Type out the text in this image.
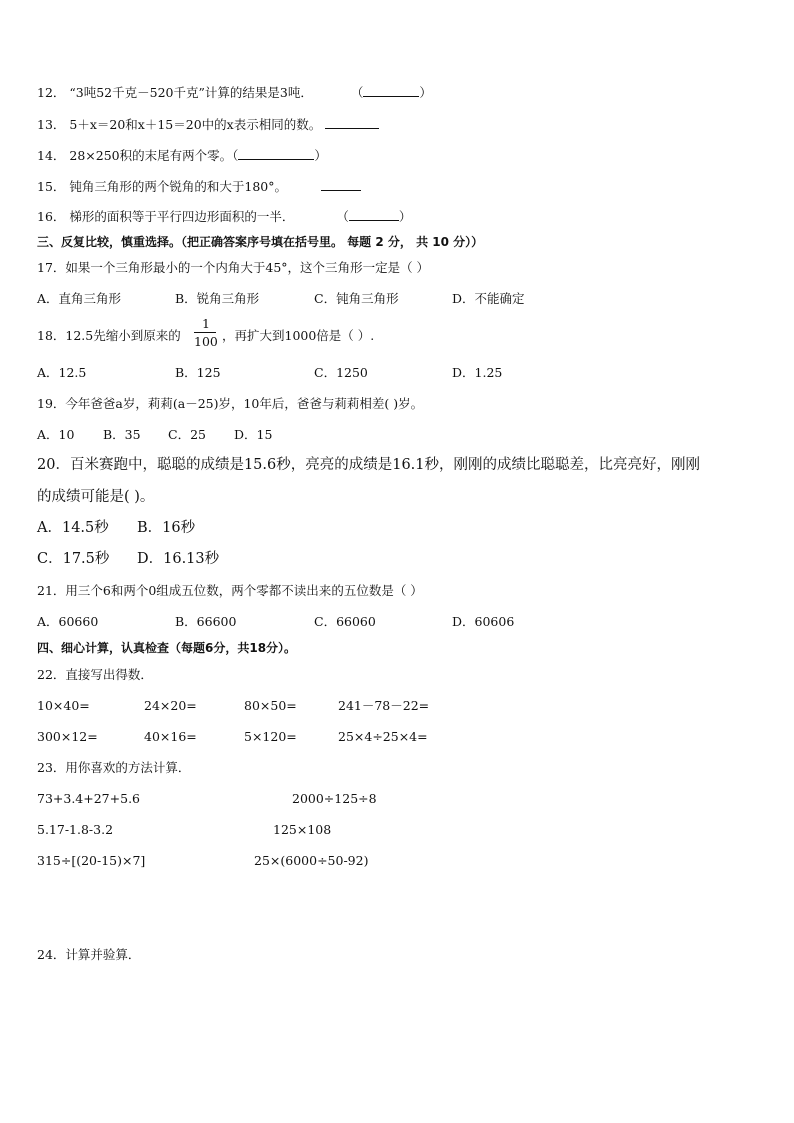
12． “3吨52千克－520千克”计算的结果是3吨．	（	）
13． 5＋x＝20和x＋15＝20中的x表示相同的数。
14． 28×250积的末尾有两个零。（	）
15． 钝角三角形的两个锐角的和大于180°。
16． 梯形的面积等于平行四边形面积的一半．	（	）
三、反复比较，慎重选择。（把正确答案序号填在括号里。 每题 2 分， 共 10 分））
17．如果一个三角形最小的一个内角大于45°，这个三角形一定是（ ）
A．直角三角形	B．锐角三角形	C．钝角三角形	D．不能确定
18．12.5先缩小到原来的
1
100 ，再扩大到1000倍是（ ）.
A．12.5	B．125	C．1250	D．1.25
19．今年爸爸a岁，莉莉(a－25)岁，10年后，爸爸与莉莉相差( )岁。
A．10 B．35 C．25 D．15
20．百米赛跑中，聪聪的成绩是15.6秒，亮亮的成绩是16.1秒，刚刚的成绩比聪聪差，比亮亮好，刚刚
的成绩可能是( )。
A．14.5秒 B．16秒
C．17.5秒 D．16.13秒
21．用三个6和两个0组成五位数，两个零都不读出来的五位数是（ ）
A．60660	B．66600	C．66060	D．60606
四、细心计算，认真检查（每题6分，共18分）。
22．直接写出得数．
10×40=	24×20=	80×50=	241－78－22=
300×12=	40×16=	5×120=	25×4÷25×4=
23．用你喜欢的方法计算．
73+3.4+27+5.6	2000÷125÷8
5.17-1.8-3.2	125×108
315÷[(20-15)×7]	25×(6000÷50-92)
24．计算并验算．
